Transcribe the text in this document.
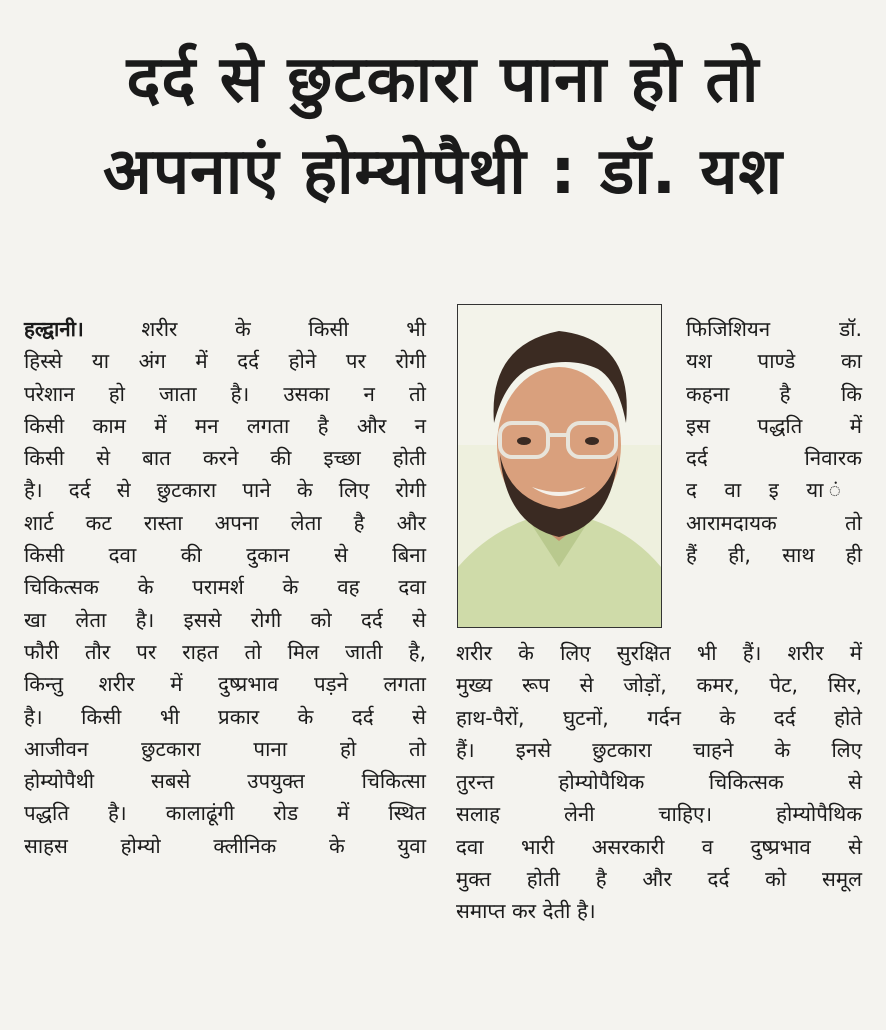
दर्द से छुटकारा पाना हो तो
अपनाएं होम्योपैथी : डॉ. यश
हल्द्वानी। शरीर के किसी भी
हिस्से या अंग में दर्द होने पर रोगी
परेशान हो जाता है। उसका न तो
किसी काम में मन लगता है और न
किसी से बात करने की इच्छा होती
है। दर्द से छुटकारा पाने के लिए रोगी
शार्ट कट रास्ता अपना लेता है और
किसी दवा की दुकान से बिना
चिकित्सक के परामर्श के वह दवा
खा लेता है। इससे रोगी को दर्द से
फौरी तौर पर राहत तो मिल जाती है,
किन्तु शरीर में दुष्प्रभाव पड़ने लगता
है। किसी भी प्रकार के दर्द से
आजीवन छुटकारा पाना हो तो
होम्योपैथी सबसे उपयुक्त चिकित्सा
पद्धति है। कालाढूंगी रोड में स्थित
साहस होम्यो क्लीनिक के युवा
फिजिशियन डॉ.
यश पाण्डे का
कहना है कि
इस पद्धति में
दर्द निवारक
द वा इ या ं
आरामदायक तो
हैं ही, साथ ही
शरीर के लिए सुरक्षित भी हैं। शरीर में
मुख्य रूप से जोड़ों, कमर, पेट, सिर,
हाथ-पैरों, घुटनों, गर्दन के दर्द होते
हैं। इनसे छुटकारा चाहने के लिए
तुरन्त होम्योपैथिक चिकित्सक से
सलाह लेनी चाहिए। होम्योपैथिक
दवा भारी असरकारी व दुष्प्रभाव से
मुक्त होती है और दर्द को समूल
समाप्त कर देती है।
